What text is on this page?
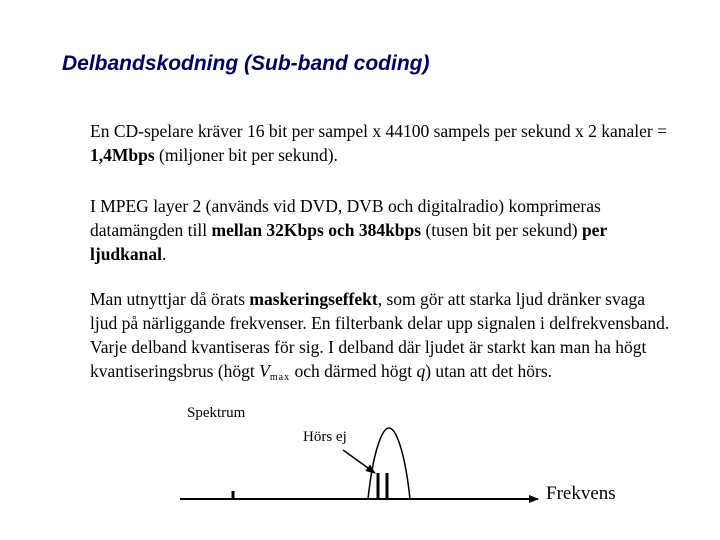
Delbandskodning (Sub-band coding)
En CD-spelare kräver 16 bit per sampel x 44100 sampels per sekund x 2 kanaler = 1,4Mbps (miljoner bit per sekund).
I MPEG layer 2 (används vid DVD, DVB och digitalradio) komprimeras datamängden till mellan 32Kbps och 384kbps (tusen bit per sekund) per ljudkanal.
Man utnyttjar då örats maskeringseffekt, som gör att starka ljud dränker svaga ljud på närliggande frekvenser. En filterbank delar upp signalen i delfrekvensband. Varje delband kvantiseras för sig. I delband där ljudet är starkt kan man ha högt kvantiseringsbrus (högt $V_{max}$ och därmed högt q) utan att det hörs.
Spektrum
Hörs ej
Frekvens
